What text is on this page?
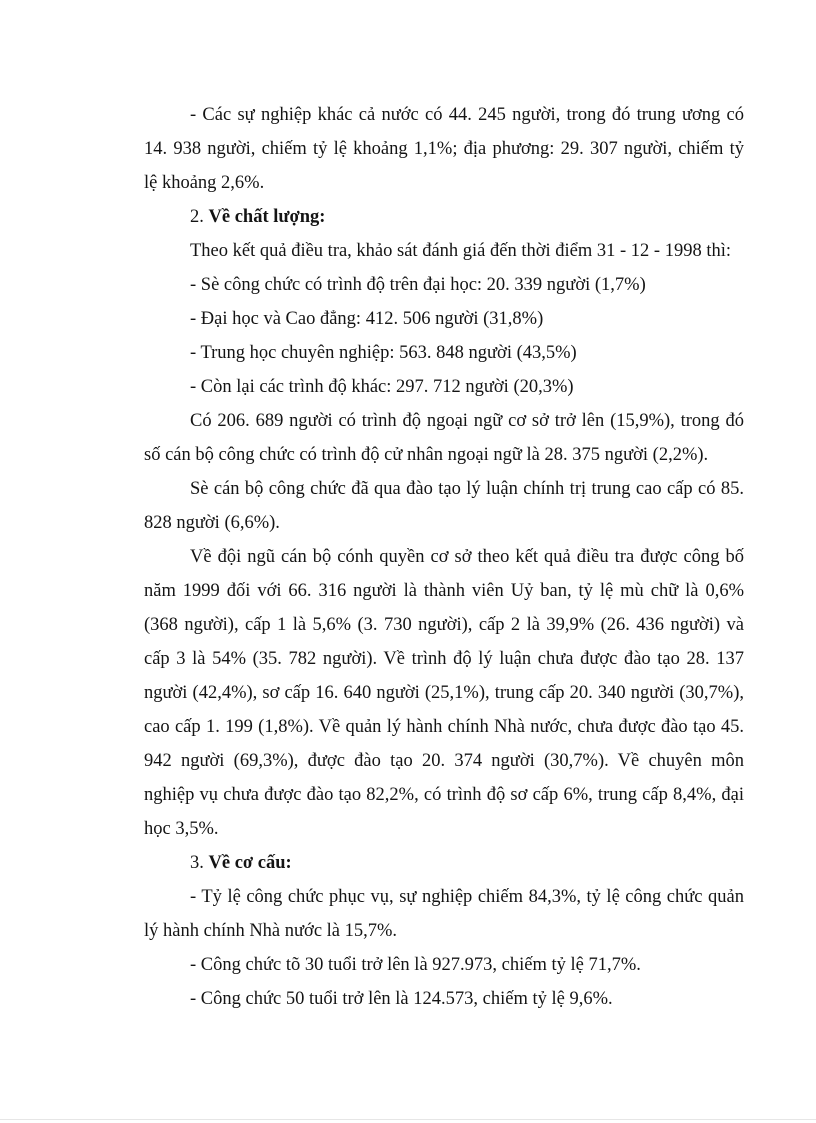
- Các sự nghiệp khác cả nước có 44. 245 người, trong đó trung ương có

14. 938 người, chiếm tỷ lệ khoảng 1,1%; địa phương: 29. 307 người, chiếm tỷ

lệ khoảng 2,6%.

2. Về chất lượng:

Theo kết quả điều tra, khảo sát đánh giá đến thời điểm 31 - 12 - 1998 thì:

- Sè công chức có trình độ trên đại học: 20. 339 người (1,7%)

- Đại học và Cao đẳng: 412. 506 người (31,8%)

- Trung học chuyên nghiệp: 563. 848 người (43,5%)

- Còn lại các trình độ khác: 297. 712 người (20,3%)

Có 206. 689 người có trình độ ngoại ngữ cơ sở trở lên (15,9%), trong đó

số cán bộ công chức có trình độ cử nhân ngoại ngữ là 28. 375 người (2,2%).

Sè cán bộ công chức đã qua đào tạo lý luận chính trị trung cao cấp có 85.

828 người (6,6%).

Về đội ngũ cán bộ cónh quyền cơ sở theo kết quả điều tra được công bố

năm 1999 đối với 66. 316 người là thành viên Uỷ ban, tỷ lệ mù chữ là 0,6%

(368 người), cấp 1 là 5,6% (3. 730 người), cấp 2 là 39,9% (26. 436 người) và

cấp 3 là 54% (35. 782 người). Về trình độ lý luận chưa được đào tạo 28. 137

người (42,4%), sơ cấp 16. 640 người (25,1%), trung cấp 20. 340 người (30,7%),

cao cấp 1. 199 (1,8%). Về quản lý hành chính Nhà nước, chưa được đào tạo 45.

942 người (69,3%), được đào tạo 20. 374 người (30,7%). Về chuyên môn

nghiệp vụ chưa được đào tạo 82,2%, có trình độ sơ cấp 6%, trung cấp 8,4%, đại

học 3,5%.

3. Về cơ cấu:

- Tỷ lệ công chức phục vụ, sự nghiệp chiếm 84,3%, tỷ lệ công chức quản

lý hành chính Nhà nước là 15,7%.

- Công chức tõ 30 tuổi trở lên là 927.973, chiếm tỷ lệ 71,7%.

- Công chức 50 tuổi trở lên là 124.573, chiếm tỷ lệ 9,6%.
